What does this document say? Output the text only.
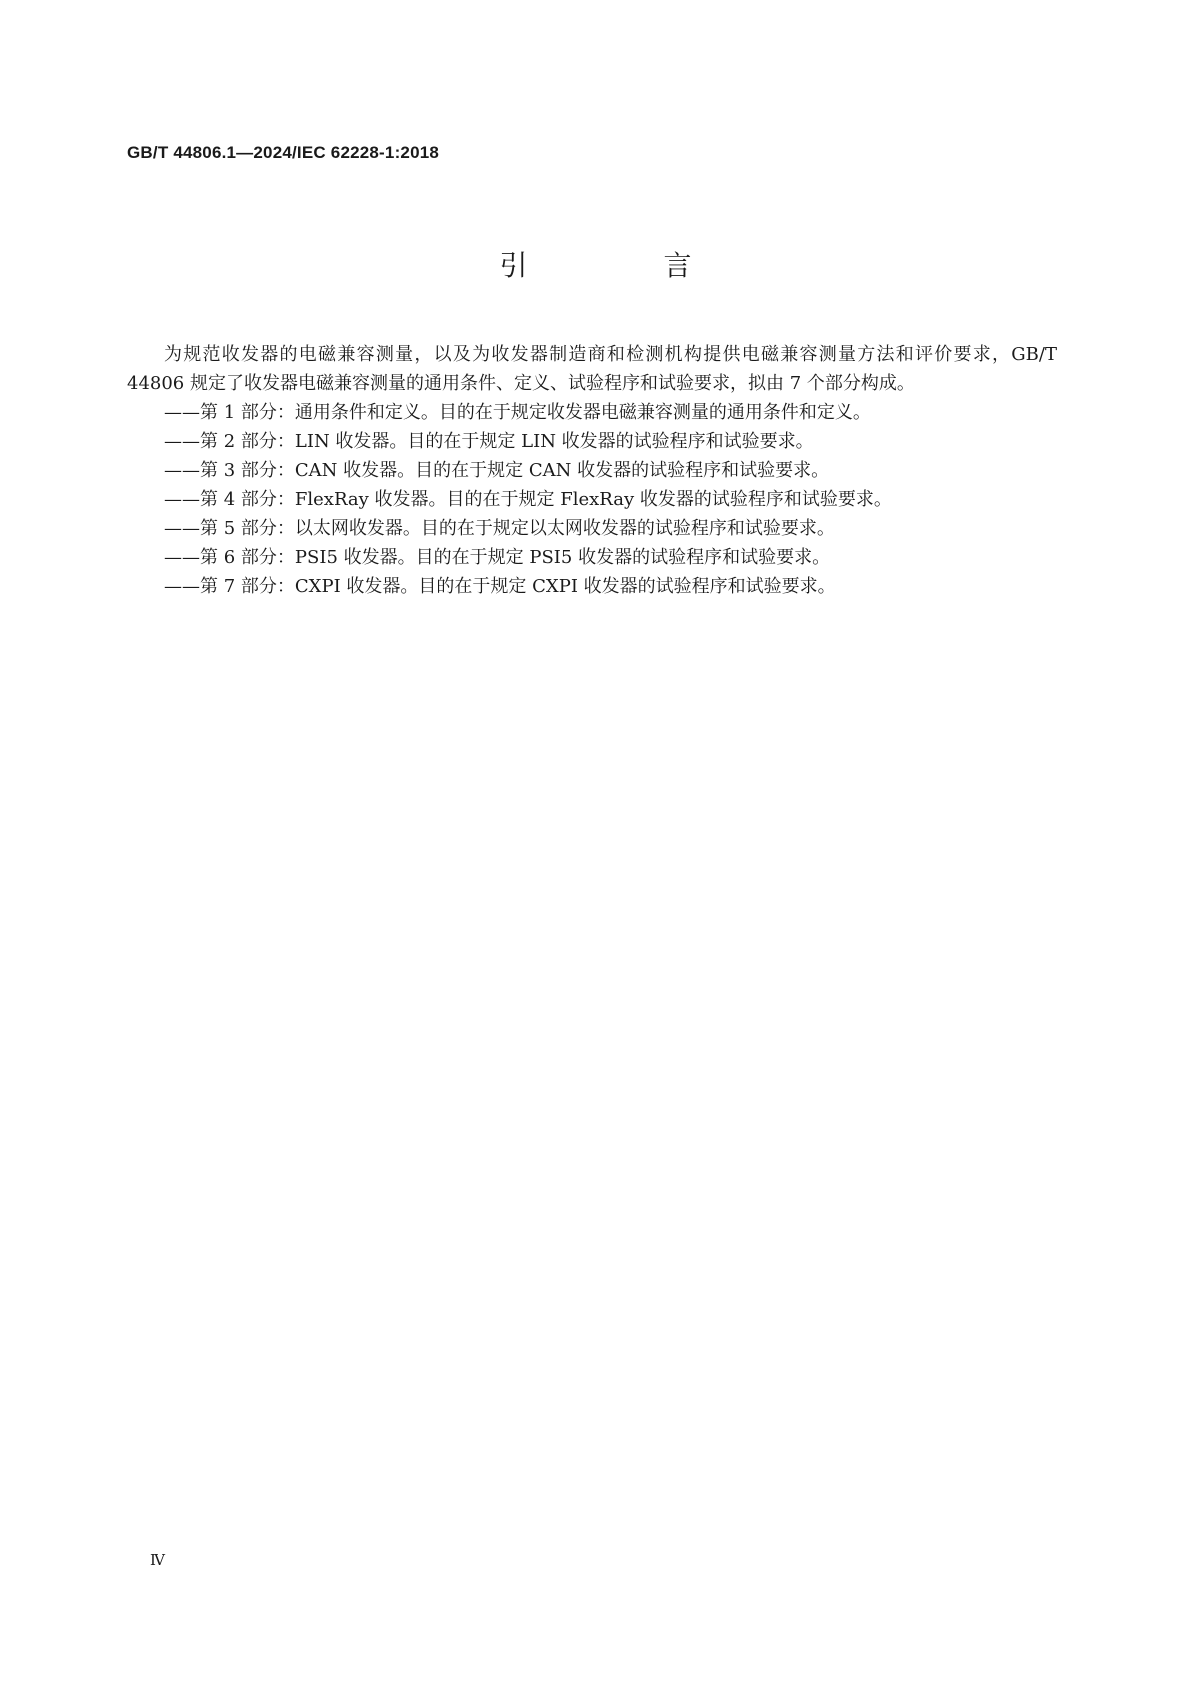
GB/T 44806.1—2024/IEC 62228-1:2018
引　言

为规范收发器的电磁兼容测量，以及为收发器制造商和检测机构提供电磁兼容测量方法和评价要求，GB/T 44806 规定了收发器电磁兼容测量的通用条件、定义、试验程序和试验要求，拟由 7 个部分构成。

——第 1 部分：通用条件和定义。目的在于规定收发器电磁兼容测量的通用条件和定义。
——第 2 部分：LIN 收发器。目的在于规定 LIN 收发器的试验程序和试验要求。
——第 3 部分：CAN 收发器。目的在于规定 CAN 收发器的试验程序和试验要求。
——第 4 部分：FlexRay 收发器。目的在于规定 FlexRay 收发器的试验程序和试验要求。
——第 5 部分：以太网收发器。目的在于规定以太网收发器的试验程序和试验要求。
——第 6 部分：PSI5 收发器。目的在于规定 PSI5 收发器的试验程序和试验要求。
——第 7 部分：CXPI 收发器。目的在于规定 CXPI 收发器的试验程序和试验要求。
Ⅳ
